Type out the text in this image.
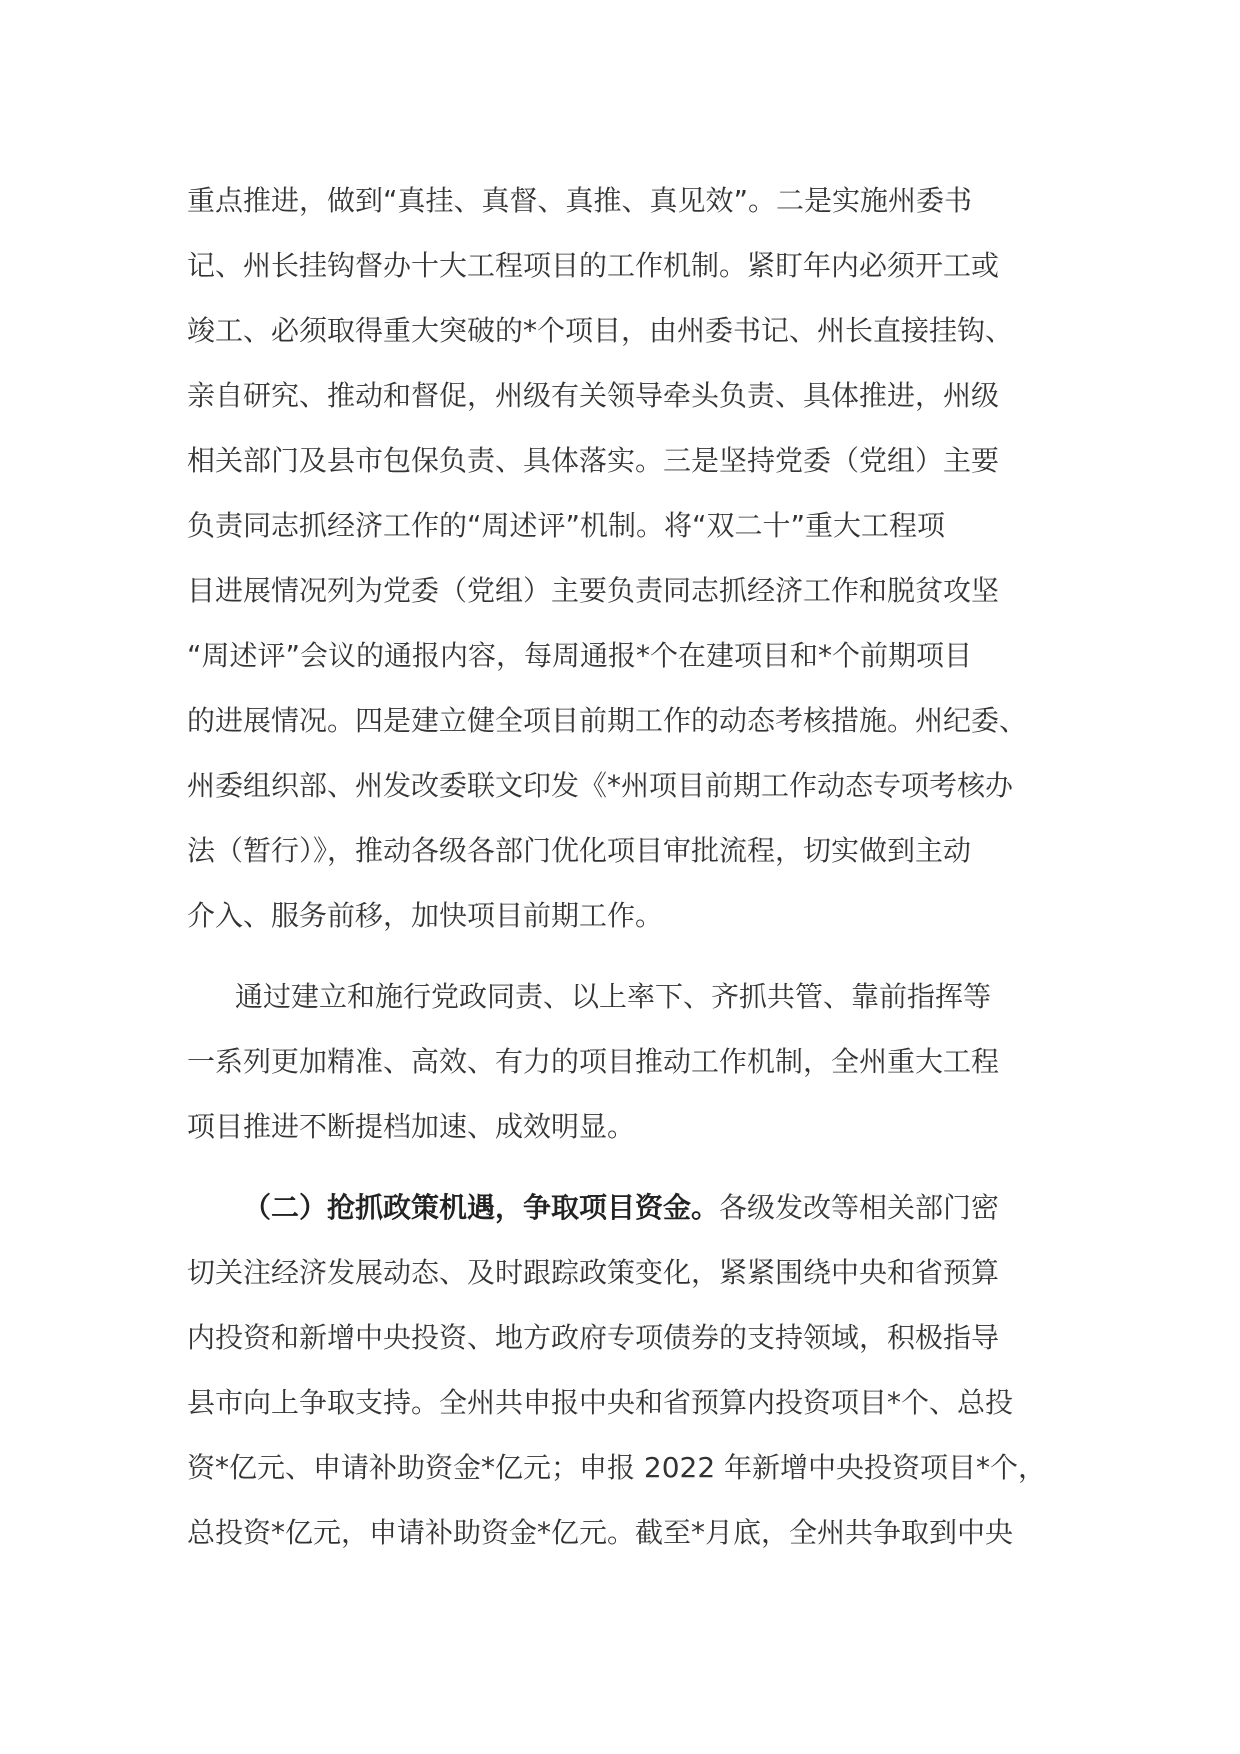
重点推进，做到“真挂、真督、真推、真见效”。二是实施州委书

记、州长挂钩督办十大工程项目的工作机制。紧盯年内必须开工或

竣工、必须取得重大突破的*个项目，由州委书记、州长直接挂钩、

亲自研究、推动和督促，州级有关领导牵头负责、具体推进，州级

相关部门及县市包保负责、具体落实。三是坚持党委（党组）主要

负责同志抓经济工作的“周述评”机制。将“双二十”重大工程项

目进展情况列为党委（党组）主要负责同志抓经济工作和脱贫攻坚

“周述评”会议的通报内容，每周通报*个在建项目和*个前期项目

的进展情况。四是建立健全项目前期工作的动态考核措施。州纪委、

州委组织部、州发改委联文印发《*州项目前期工作动态专项考核办

法（暂行）》，推动各级各部门优化项目审批流程，切实做到主动

介入、服务前移，加快项目前期工作。

通过建立和施行党政同责、以上率下、齐抓共管、靠前指挥等

一系列更加精准、高效、有力的项目推动工作机制，全州重大工程

项目推进不断提档加速、成效明显。

（二）抢抓政策机遇，争取项目资金。各级发改等相关部门密

切关注经济发展动态、及时跟踪政策变化，紧紧围绕中央和省预算

内投资和新增中央投资、地方政府专项债券的支持领域，积极指导

县市向上争取支持。全州共申报中央和省预算内投资项目*个、总投

资*亿元、申请补助资金*亿元；申报 2022 年新增中央投资项目*个，

总投资*亿元，申请补助资金*亿元。截至*月底，全州共争取到中央
